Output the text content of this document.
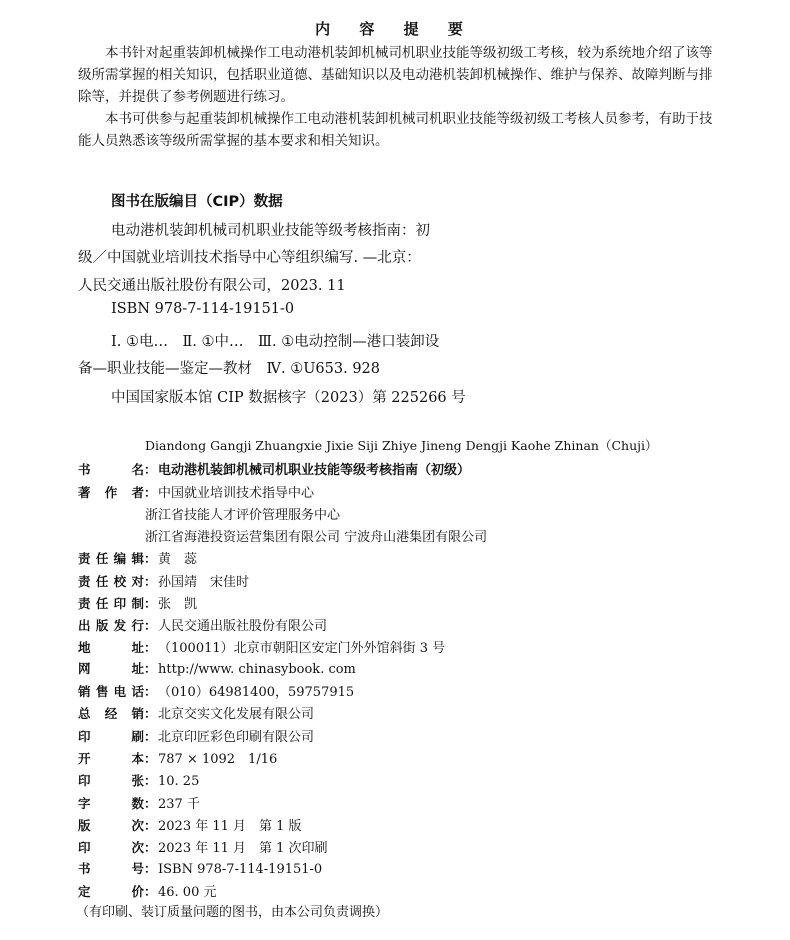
内 容 提 要

本书针对起重装卸机械操作工电动港机装卸机械司机职业技能等级初级工考核，较为系统地介绍了该等级所需掌握的相关知识，包括职业道德、基础知识以及电动港机装卸机械操作、维护与保养、故障判断与排除等，并提供了参考例题进行练习。

本书可供参与起重装卸机械操作工电动港机装卸机械司机职业技能等级初级工考核人员参考，有助于技能人员熟悉该等级所需掌握的基本要求和相关知识。

图书在版编目（CIP）数据
电动港机装卸机械司机职业技能等级考核指南：初
级／中国就业培训技术指导中心等组织编写. —北京：
人民交通出版社股份有限公司，2023. 11
ISBN 978-7-114-19151-0
Ⅰ. ①电…　Ⅱ. ①中…　Ⅲ. ①电动控制—港口装卸设
备—职业技能—鉴定—教材　Ⅳ. ①U653. 928
中国国家版本馆 CIP 数据核字（2023）第 225266 号
Diandong Gangji Zhuangxie Jixie Siji Zhiye Jineng Dengji Kaohe Zhinan（Chuji）
书	名 ： 电动港机装卸机械司机职业技能等级考核指南（初级）
著 作 者 ： 中国就业培训技术指导中心
浙江省技能人才评价管理服务中心
浙江省海港投资运营集团有限公司 宁波舟山港集团有限公司
责 任 编 辑 ： 黄　蕊
责 任 校 对 ： 孙国靖　宋佳时
责 任 印 制 ： 张　凯
出 版 发 行 ： 人民交通出版社股份有限公司
地	址 ： （100011）北京市朝阳区安定门外外馆斜街 3 号
网	址 ： http://www. chinasybook. com
销 售 电 话 ： （010）64981400，59757915
总 经 销 ： 北京交实文化发展有限公司
印	刷 ： 北京印匠彩色印刷有限公司
开	本 ： 787 × 1092　1/16
印	张 ： 10. 25
字	数 ： 237 千
版	次 ： 2023 年 11 月　第 1 版
印	次 ： 2023 年 11 月　第 1 次印刷
书	号 ： ISBN 978-7-114-19151-0
定	价 ： 46. 00 元
（有印刷、装订质量问题的图书，由本公司负责调换）
